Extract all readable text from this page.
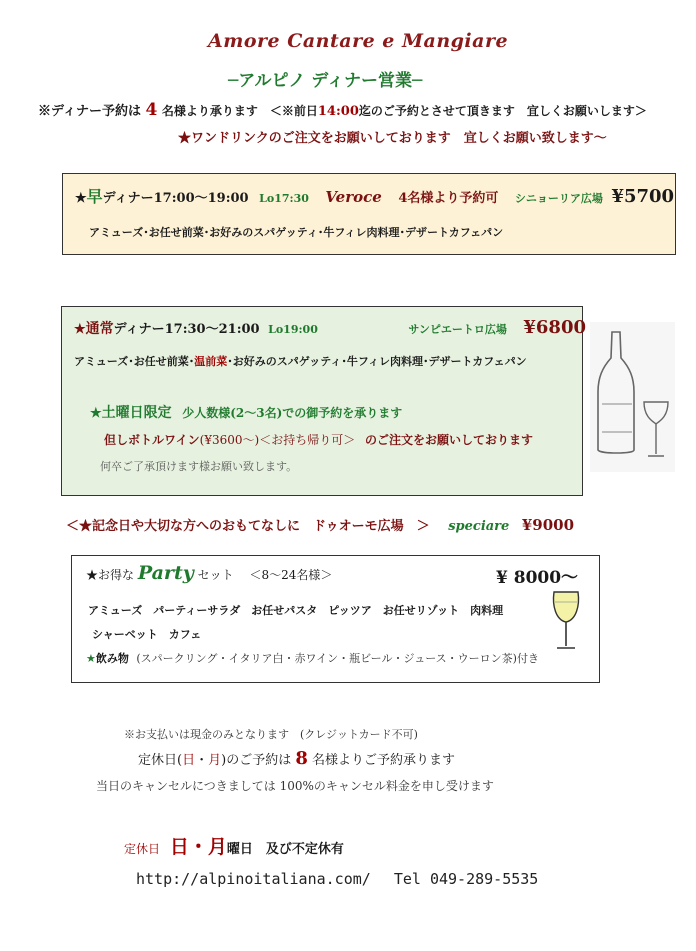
Amore Cantare e Mangiare
─アルピノ ディナー営業─
※ディナー予約は 4 名様より承ります　＜※前日14:00迄のご予約とさせて頂きます　宜しくお願いします＞
★ワンドリンクのご注文をお願いしております　宜しくお願い致します～
★早ディナー17:00～19:00 Lo17:30 Veroce 4名様より予約可 シニョーリア広場 ¥5700
アミューズ･お任せ前菜･お好みのスパゲッティ･牛フィレ肉料理･デザートカフェパン
★通常ディナー17:30～21:00 Lo19:00	サンピエートロ広場 ¥6800
アミューズ･お任せ前菜･温前菜･お好みのスパゲッティ･牛フィレ肉料理･デザートカフェパン
★土曜日限定 少人数様(2～3名)での御予約を承ります
但しボトルワイン(¥3600～)＜お持ち帰り可＞ のご注文をお願いしております
何卒ご了承頂けます様お願い致します。
＜★記念日や大切な方へのおもてなしに　ドゥオーモ広場　＞ speciare ¥9000
★お得な Party セット ＜8～24名様＞	¥ 8000～
アミューズ　パーティーサラダ　お任せパスタ　ピッツア　お任せリゾット　肉料理
シャーベット　カフェ
★飲み物 (スパークリング・イタリア白・赤ワイン・瓶ビール・ジュース・ウーロン茶)付き
※お支払いは現金のみとなります　(クレジットカード不可)
定休日(日・月)のご予約は 8 名様よりご予約承ります
当日のキャンセルにつきましては 100%のキャンセル料金を申し受けます
定休日 日・月曜日　及び不定休有
http://alpinoitaliana.com/ Tel 049-289-5535
